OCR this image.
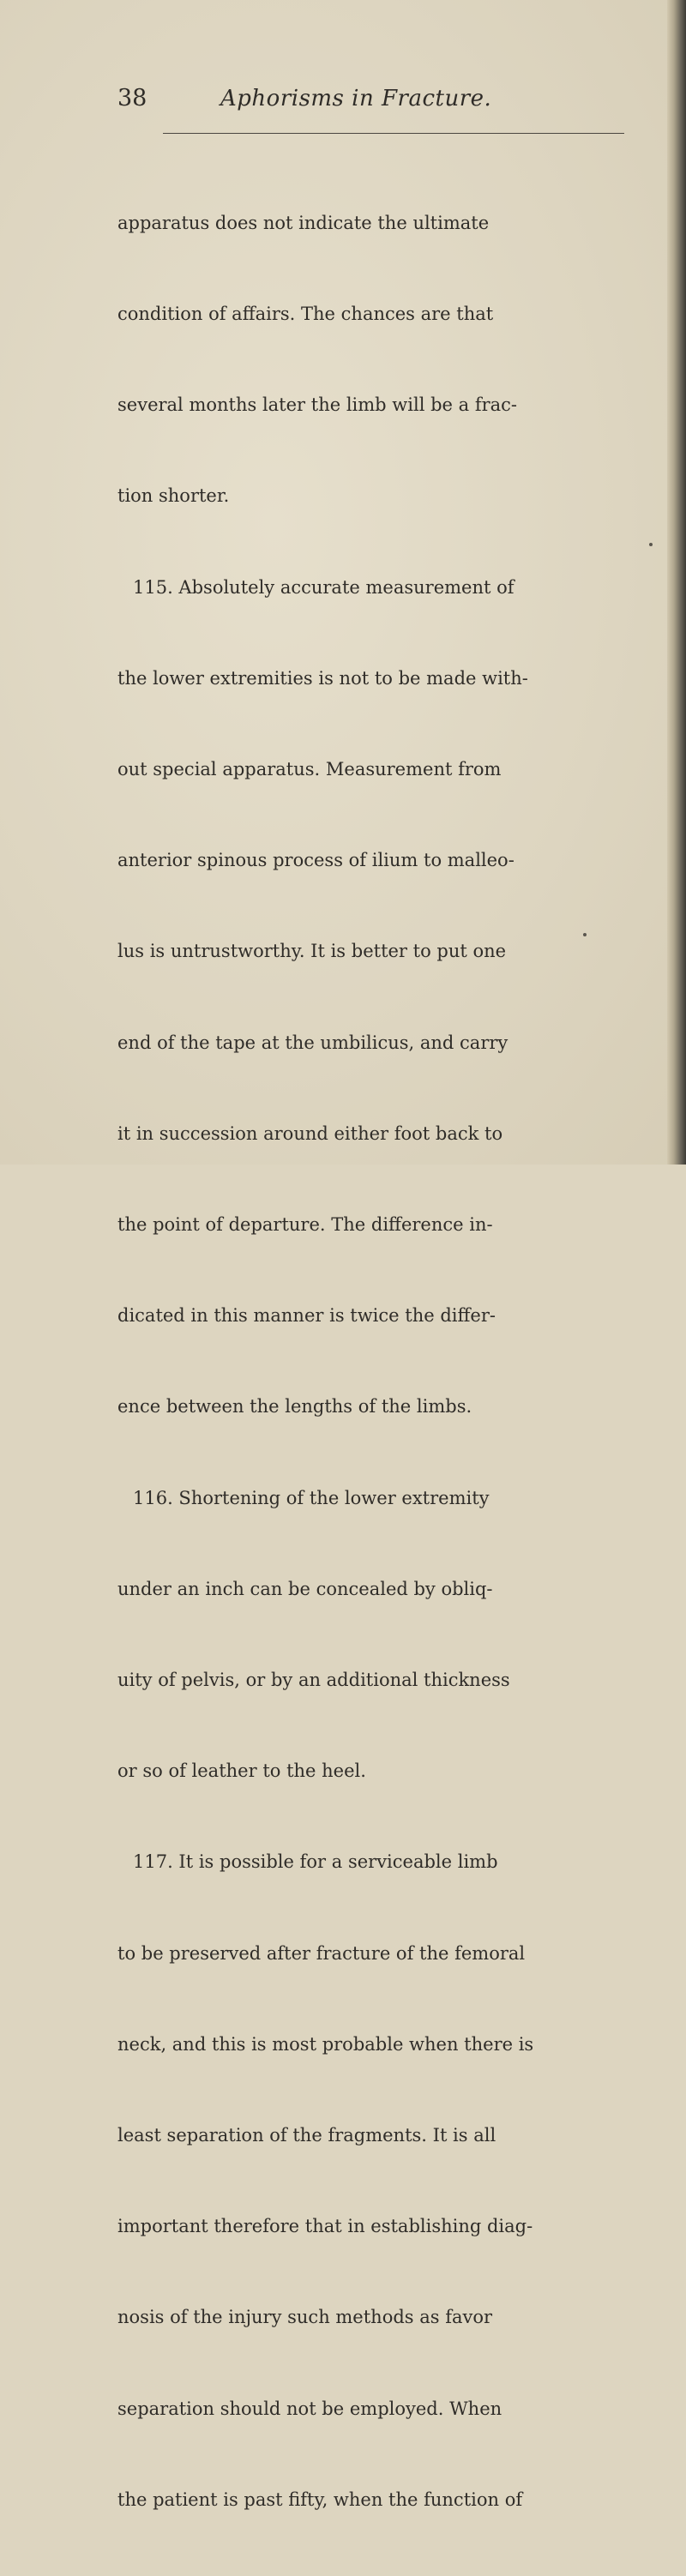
38	Aphorisms in Fracture.

apparatus does not indicate the ultimate

condition of affairs. The chances are that

several months later the limb will be a frac-

tion shorter.

115. Absolutely accurate measurement of

the lower extremities is not to be made with-

out special apparatus. Measurement from

anterior spinous process of ilium to malleo-

lus is untrustworthy. It is better to put one

end of the tape at the umbilicus, and carry

it in succession around either foot back to

the point of departure. The difference in-

dicated in this manner is twice the differ-

ence between the lengths of the limbs.

116. Shortening of the lower extremity

under an inch can be concealed by obliq-

uity of pelvis, or by an additional thickness

or so of leather to the heel.

117. It is possible for a serviceable limb

to be preserved after fracture of the femoral

neck, and this is most probable when there is

least separation of the fragments. It is all

important therefore that in establishing diag-

nosis of the injury such methods as favor

separation should not be employed. When

the patient is past fifty, when the function of
